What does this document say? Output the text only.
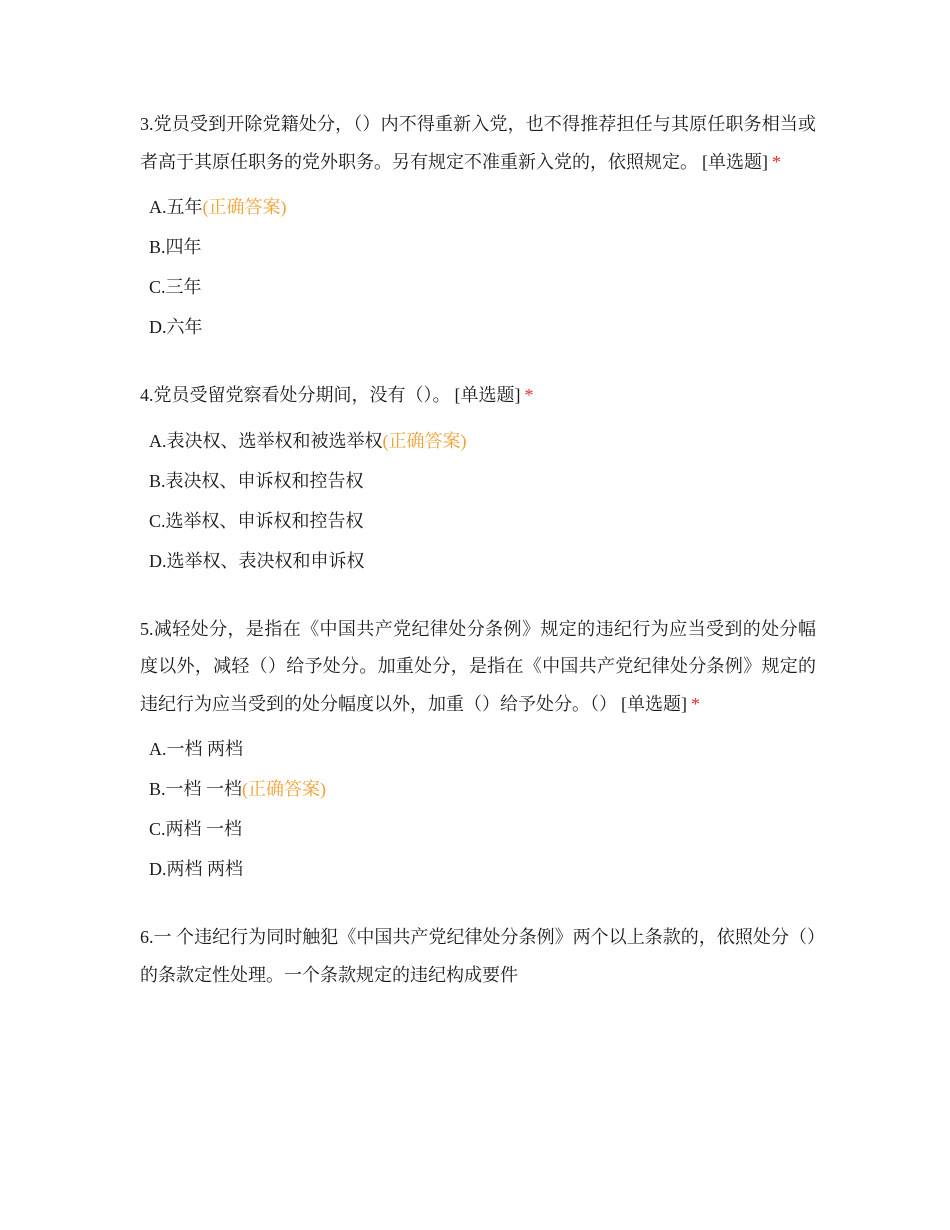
3.党员受到开除党籍处分，（）内不得重新入党，也不得推荐担任与其原任职务相当或者高于其原任职务的党外职务。另有规定不准重新入党的，依照规定。 [单选题] *

A.五年(正确答案)
B.四年
C.三年
D.六年

4.党员受留党察看处分期间，没有（）。 [单选题] *

A.表决权、选举权和被选举权(正确答案)
B.表决权、申诉权和控告权
C.选举权、申诉权和控告权
D.选举权、表决权和申诉权

5.减轻处分，是指在《中国共产党纪律处分条例》规定的违纪行为应当受到的处分幅度以外，减轻（）给予处分。加重处分，是指在《中国共产党纪律处分条例》规定的违纪行为应当受到的处分幅度以外，加重（）给予处分。（） [单选题] *

A.一档 两档
B.一档 一档(正确答案)
C.两档 一档
D.两档 两档

6.一 个违纪行为同时触犯《中国共产党纪律处分条例》两个以上条款的，依照处分（）的条款定性处理。一个条款规定的违纪构成要件
